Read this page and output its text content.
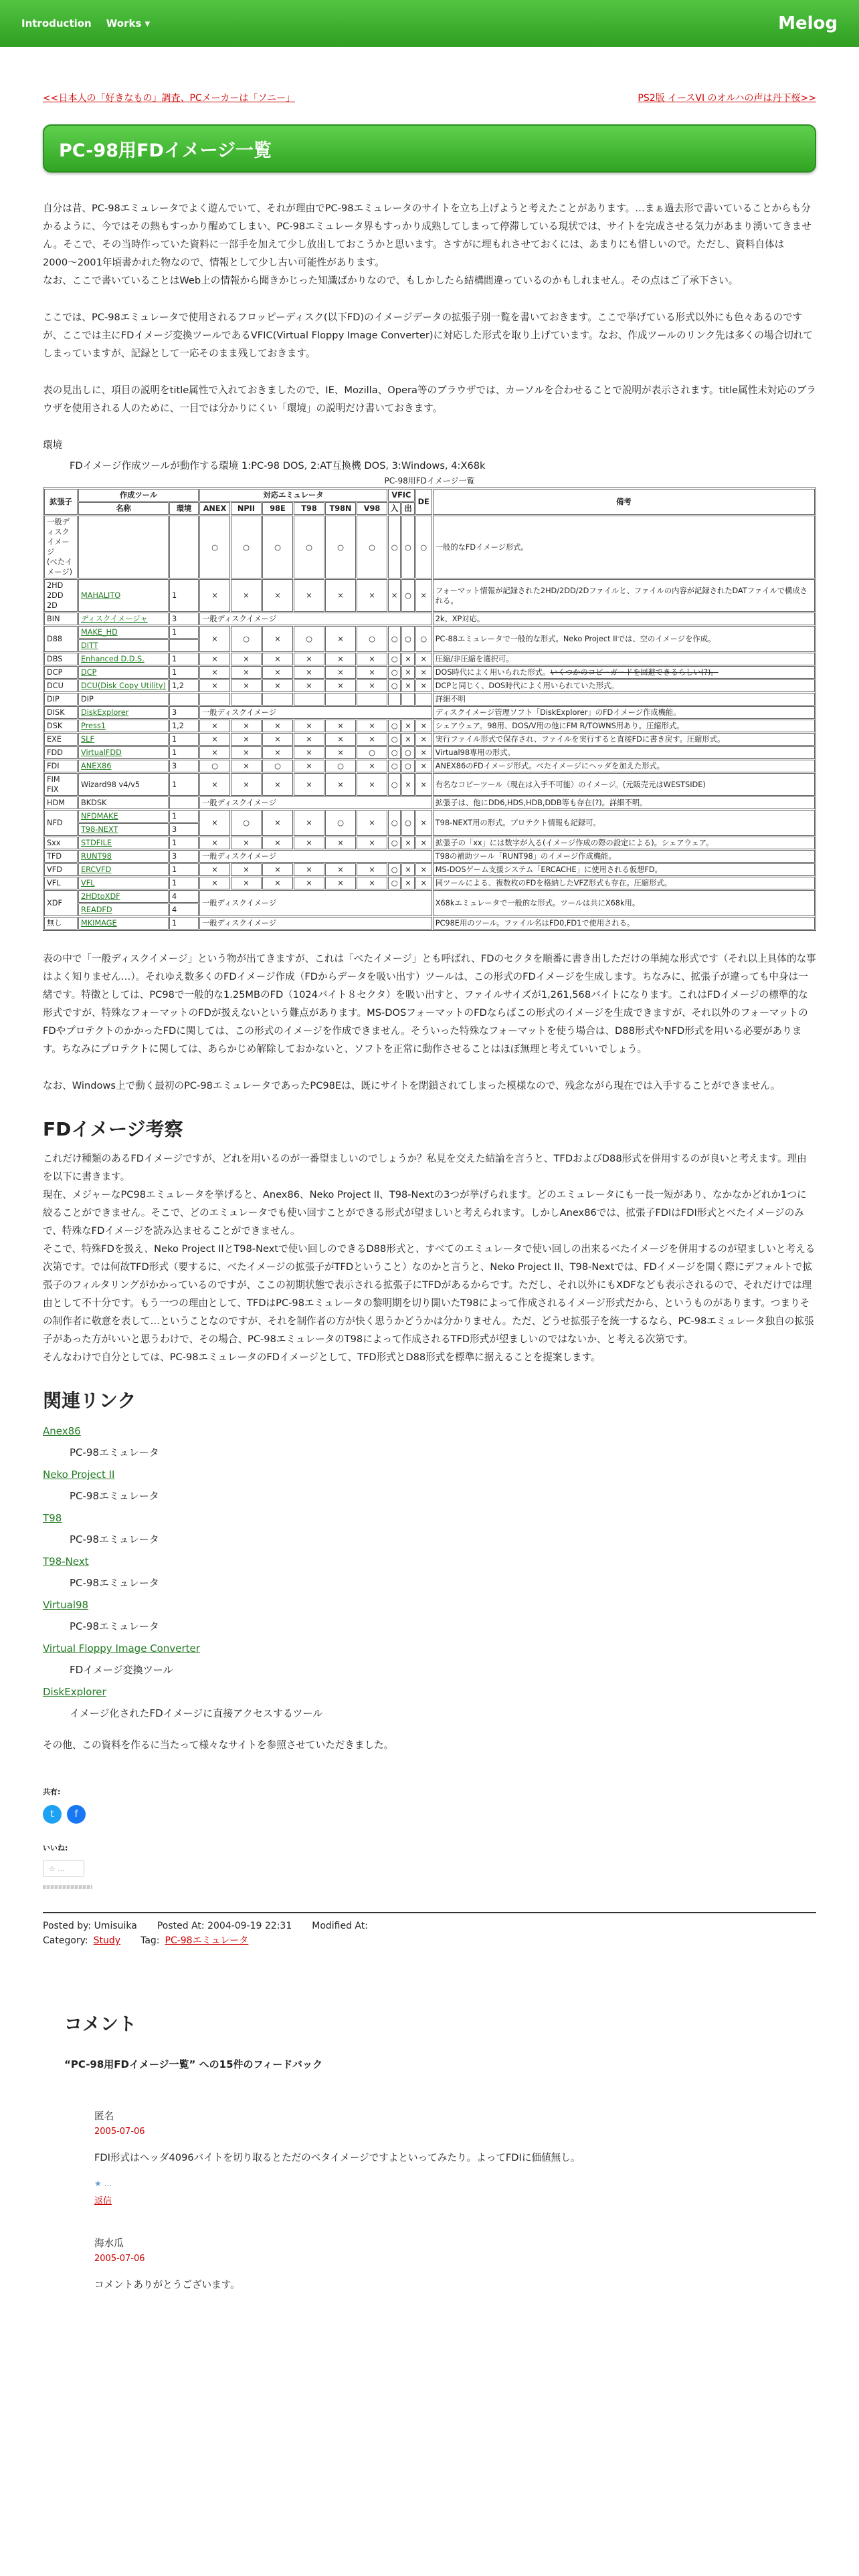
Introduction Works ▾	Melog
<<日本人の「好きなもの」調査、PCメーカーは「ソニー」	PS2版 イースVI のオルハの声は丹下桜>>
PC-98用FDイメージ一覧

自分は昔、PC-98エミュレータでよく遊んでいて、それが理由でPC-98エミュレータのサイトを立ち上げようと考えたことがあります。…まぁ過去形で書いていることからも分かるように、今ではその熱もすっかり醒めてしまい、PC-98エミュレータ界もすっかり成熟してしまって停滞している現状では、サイトを完成させる気力があまり湧いてきません。そこで、その当時作っていた資料に一部手を加えて少し放出しておこうかと思います。さすがに埋もれさせておくには、あまりにも惜しいので。ただし、資料自体は2000〜2001年頃書かれた物なので、情報として少し古い可能性があります。
なお、ここで書いていることはWeb上の情報から聞きかじった知識ばかりなので、もしかしたら結構間違っているのかもしれません。その点はご了承下さい。

ここでは、PC-98エミュレータで使用されるフロッピーディスク(以下FD)のイメージデータの拡張子別一覧を書いておきます。ここで挙げている形式以外にも色々あるのですが、ここでは主にFDイメージ変換ツールであるVFIC(Virtual Floppy Image Converter)に対応した形式を取り上げています。なお、作成ツールのリンク先は多くの場合切れてしまっていますが、記録として一応そのまま残しておきます。

表の見出しに、項目の説明をtitle属性で入れておきましたので、IE、Mozilla、Opera等のブラウザでは、カーソルを合わせることで説明が表示されます。title属性未対応のブラウザを使用される人のために、一目では分かりにくい「環境」の説明だけ書いておきます。

環境
FDイメージ作成ツールが動作する環境 1:PC-98 DOS, 2:AT互換機 DOS, 3:Windows, 4:X68k
PC-98用FDイメージ一覧
拡張子	作成ツール		対応エミュレータ						VFIC		DE	備考
	名称	環境	ANEX	NPII	98E	T98	T98N	V98	入	出		
一般ディスクイメージ
(ベたイメージ)			○	○	○	○	○	○	○	○	○	一般的なFDイメージ形式。
2HD
2DD
2D	MAHALITO	1	×	×	×	×	×	×	×	○	×	フォーマット情報が記録された2HD/2DD/2Dファイルと、ファイルの内容が記録されたDATファイルで構成される。
BIN	ディスクイメージャ	3	一般ディスクイメージ									2k、XP対応。
D88	MAKE_HD	1	×	○	×	○	×	○	○	○	○	PC-88エミュレータで一般的な形式。Neko Project IIでは、空のイメージを作成。
	DITT											
DBS	Enhanced D.D.S.	1	×	×	×	×	×	×	○	×	×	圧縮/非圧縮を選択可。
DCP	DCP	1	×	×	×	×	×	×	○	×	×	DOS時代によく用いられた形式。いくつかのコピーガードを回避できるらしい(?)。
DCU	DCU(Disk Copy Utility)	1,2	×	×	×	×	×	×	○	×	×	DCPと同じく、DOS時代によく用いられていた形式。
DIP	DIP											詳細不明
DISK	DiskExplorer	3	一般ディスクイメージ									ディスクイメージ管理ソフト「DiskExplorer」のFDイメージ作成機能。
DSK	Press1	1,2	×	×	×	×	×	×	○	×	×	シェアウェア。98用、DOS/V用の他にFM R/TOWNS用あり。圧縮形式。
EXE	SLF	1	×	×	×	×	×	×	○	×	×	実行ファイル形式で保存され、ファイルを実行すると直接FDに書き戻す。圧縮形式。
FDD	VirtualFDD	1	×	×	×	×	×	○	○	○	×	Virtual98専用の形式。
FDI	ANEX86	3	○	×	○	×	○	×	○	○	×	ANEX86のFDイメージ形式。べたイメージにヘッダを加えた形式。
FIM
FIX	Wizard98 v4/v5	1	×	×	×	×	×	×	○	×	×	有名なコピーツール（現在は入手不可能）のイメージ。(元販売元はWESTSIDE)
HDM	BKDSK		一般ディスクイメージ									拡張子は、他にDD6,HDS,HDB,DDB等も存在(?)。詳細不明。
NFD	NFDMAKE	1	×	○	×	×	○	×	○	○	×	T98-NEXT用の形式。プロテクト情報も記録可。
	T98-NEXT	3										
Sxx	STDFILE	1	×	×	×	×	×	×	○	×	×	拡張子の「xx」には数字が入る(イメージ作成の際の設定による)。シェアウェア。
TFD	RUNT98	3	一般ディスクイメージ									T98の補助ツール「RUNT98」のイメージ作成機能。
VFD	ERCVFD	1	×	×	×	×	×	×	○	×	×	MS-DOSゲーム支援システム「ERCACHE」に使用される仮想FD。
VFL	VFL	1	×	×	×	×	×	×	○	×	×	同ツールによる、複数枚のFDを格納したVFZ形式も存在。圧縮形式。
XDF	2HDtoXDF	4	一般ディスクイメージ									X68kエミュレータで一般的な形式。ツールは共にX68k用。
	READFD	4										
無し	MKIMAGE	1	一般ディスクイメージ									PC98E用のツール。ファイル名はFD0,FD1で使用される。

表の中で「一般ディスクイメージ」という物が出てきますが、これは「べたイメージ」とも呼ばれ、FDのセクタを順番に書き出しただけの単純な形式です（それ以上具体的な事はよく知りません…）。それゆえ数多くのFDイメージ作成（FDからデータを吸い出す）ツールは、この形式のFDイメージを生成します。ちなみに、拡張子が違っても中身は一緒です。特徴としては、PC98で一般的な1.25MBのFD（1024バイト８セクタ）を吸い出すと、ファイルサイズが1,261,568バイトになります。これはFDイメージの標準的な形式ですが、特殊なフォーマットのFDが扱えないという難点があります。MS-DOSフォーマットのFDならばこの形式のイメージを生成できますが、それ以外のフォーマットのFDやプロテクトのかかったFDに関しては、この形式のイメージを作成できません。そういった特殊なフォーマットを使う場合は、D88形式やNFD形式を用いる必要があります。ちなみにプロテクトに関しては、あらかじめ解除しておかないと、ソフトを正常に動作させることはほぼ無理と考えていいでしょう。

なお、Windows上で動く最初のPC-98エミュレータであったPC98Eは、既にサイトを閉鎖されてしまった模様なので、残念ながら現在では入手することができません。

FDイメージ考察

これだけ種類のあるFDイメージですが、どれを用いるのが一番望ましいのでしょうか？私見を交えた結論を言うと、TFDおよびD88形式を併用するのが良いと考えます。理由を以下に書きます。
現在、メジャーなPC98エミュレータを挙げると、Anex86、Neko Project II、T98-Nextの3つが挙げられます。どのエミュレータにも一長一短があり、なかなかどれか1つに絞ることができません。そこで、どのエミュレータでも使い回すことができる形式が望ましいと考えられます。しかしAnex86では、拡張子FDIはFDI形式とベたイメージのみで、特殊なFDイメージを読み込ませることができません。
そこで、特殊FDを扱え、Neko Project IIとT98-Nextで使い回しのできるD88形式と、すべてのエミュレータで使い回しの出来るべたイメージを併用するのが望ましいと考える次第です。では何故TFD形式（要するに、べたイメージの拡張子がTFDということ）なのかと言うと、Neko Project II、T98-Nextでは、FDイメージを開く際にデフォルトで拡張子のフィルタリングがかかっているのですが、ここの初期状態で表示される拡張子にTFDがあるからです。ただし、それ以外にもXDFなども表示されるので、それだけでは理由として不十分です。もう一つの理由として、TFDはPC-98エミュレータの黎明期を切り開いたT98によって作成されるイメージ形式だから、というものがあります。つまりその制作者に敬意を表して…ということなのですが、それを制作者の方が快く思うかどうかは分かりません。ただ、どうせ拡張子を統一するなら、PC-98エミュレータ独自の拡張子があった方がいいと思うわけで、その場合、PC-98エミュレータのT98によって作成されるTFD形式が望ましいのではないか、と考える次第です。
そんなわけで自分としては、PC-98エミュレータのFDイメージとして、TFD形式とD88形式を標準に据えることを提案します。

関連リンク
Anex86
PC-98エミュレータ
Neko Project II
PC-98エミュレータ
T98
PC-98エミュレータ
T98-Next
PC-98エミュレータ
Virtual98
PC-98エミュレータ
Virtual Floppy Image Converter
FDイメージ変換ツール
DiskExplorer
イメージ化されたFDイメージに直接アクセスするツール

その他、この資料を作るに当たって様々なサイトを参照させていただきました。

共有:
t	f
いいね:
☆ ...
Posted by: Umisuika Posted At: 2004-09-19 22:31 Modified At:
Category: Study Tag: PC-98エミュレータ
コメント
“PC-98用FDイメージ一覧” への15件のフィードバック
匿名
2005-07-06
FDI形式はヘッダ4096バイトを切り取るとただのベタイメージですよといってみたり。よってFDIに価値無し。
★ ...
返信
海水瓜
2005-07-06
コメントありがとうございます。
